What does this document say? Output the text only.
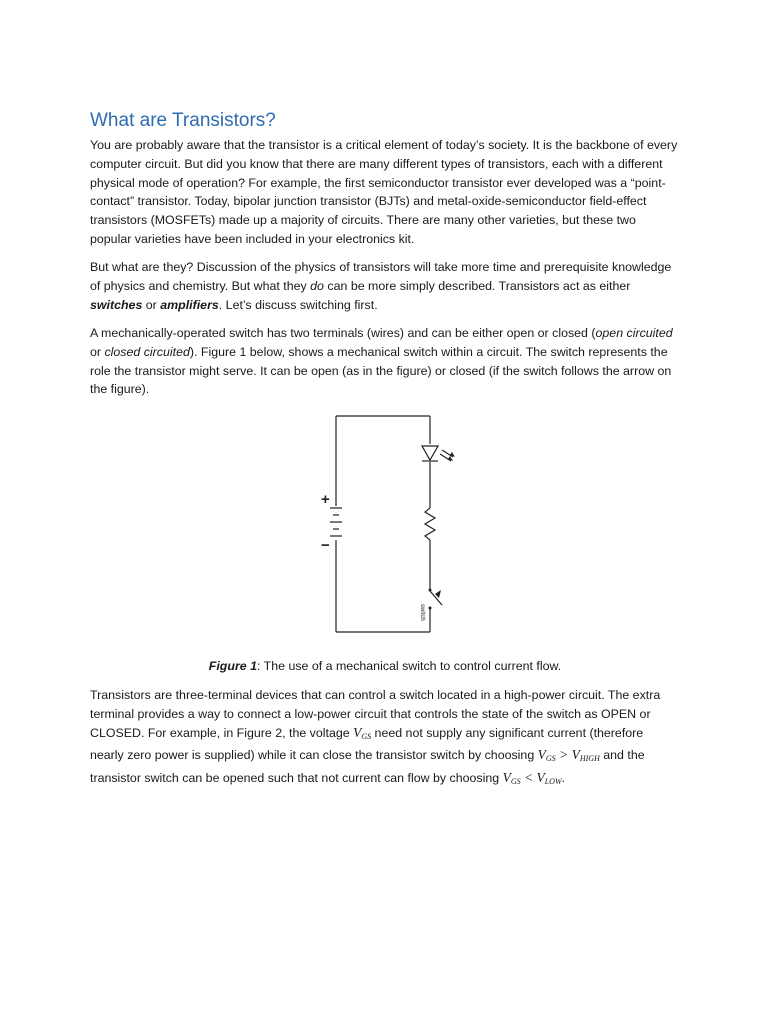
What are Transistors?

You are probably aware that the transistor is a critical element of today’s society. It is the backbone of every computer circuit. But did you know that there are many different types of transistors, each with a different physical mode of operation? For example, the first semiconductor transistor ever developed was a “point-contact” transistor. Today, bipolar junction transistor (BJTs) and metal-oxide-semiconductor field-effect transistors (MOSFETs) made up a majority of circuits. There are many other varieties, but these two popular varieties have been included in your electronics kit.

But what are they? Discussion of the physics of transistors will take more time and prerequisite knowledge of physics and chemistry. But what they do can be more simply described. Transistors act as either switches or amplifiers. Let’s discuss switching first.

A mechanically-operated switch has two terminals (wires) and can be either open or closed (open circuited or closed circuited). Figure 1 below, shows a mechanical switch within a circuit. The switch represents the role the transistor might serve. It can be open (as in the figure) or closed (if the switch follows the arrow on the figure).

+
−
switch

Figure 1: The use of a mechanical switch to control current flow.

Transistors are three-terminal devices that can control a switch located in a high-power circuit. The extra terminal provides a way to connect a low-power circuit that controls the state of the switch as OPEN or CLOSED. For example, in Figure 2, the voltage $V_{GS}$ need not supply any significant current (therefore nearly zero power is supplied) while it can close the transistor switch by choosing $V_{GS} > V_{HIGH}$ and the transistor switch can be opened such that not current can flow by choosing $V_{GS} < V_{LOW}$.
